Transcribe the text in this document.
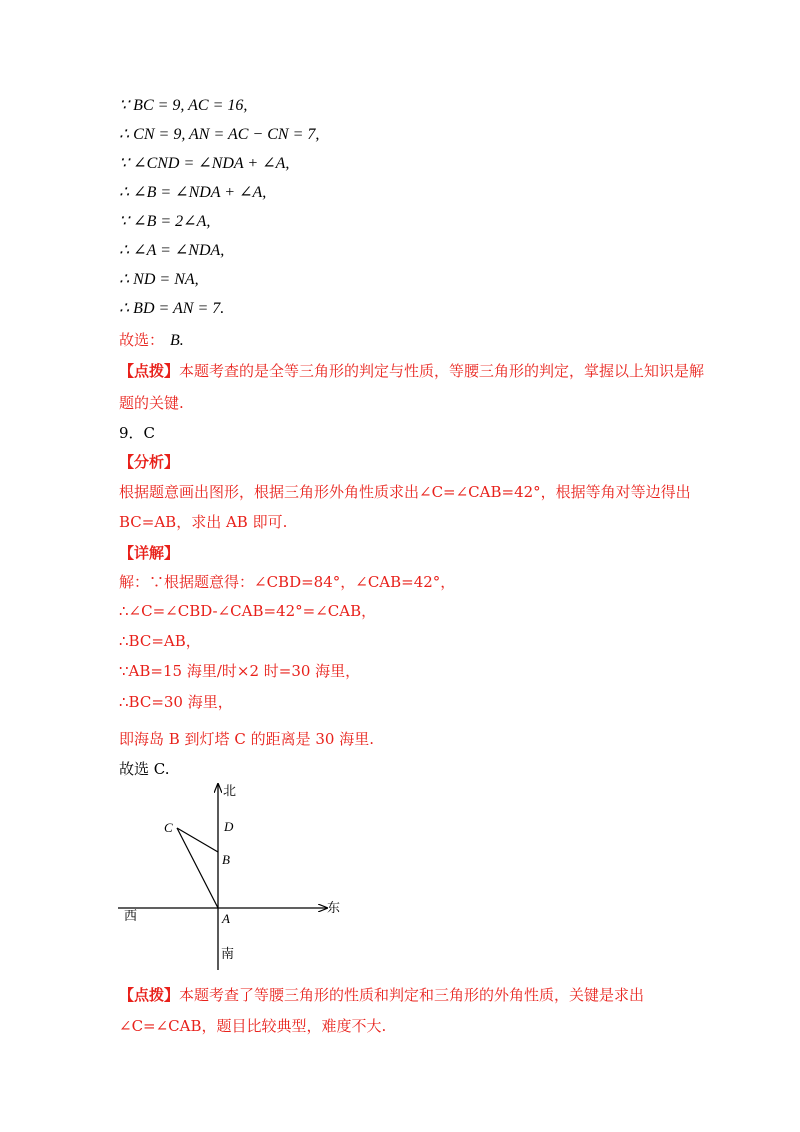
∵ BC = 9, AC = 16,
∴ CN = 9, AN = AC − CN = 7,
∵ ∠CND = ∠NDA + ∠A,
∴ ∠B = ∠NDA + ∠A,
∵ ∠B = 2∠A,
∴ ∠A = ∠NDA,
∴ ND = NA,
∴ BD = AN = 7.
故选： B.
【点拨】本题考查的是全等三角形的判定与性质，等腰三角形的判定，掌握以上知识是解
题的关键.
9．C
【分析】
根据题意画出图形，根据三角形外角性质求出∠C=∠CAB=42°，根据等角对等边得出
BC=AB，求出 AB 即可.
【详解】
解：∵根据题意得：∠CBD=84°，∠CAB=42°，
∴∠C=∠CBD-∠CAB=42°=∠CAB，
∴BC=AB，
∵AB=15 海里/时×2 时=30 海里，
∴BC=30 海里，
即海岛 B 到灯塔 C 的距离是 30 海里.
故选 C.
北
南
东
西
C	D
B
A
【点拨】本题考查了等腰三角形的性质和判定和三角形的外角性质，关键是求出
∠C=∠CAB，题目比较典型，难度不大.
